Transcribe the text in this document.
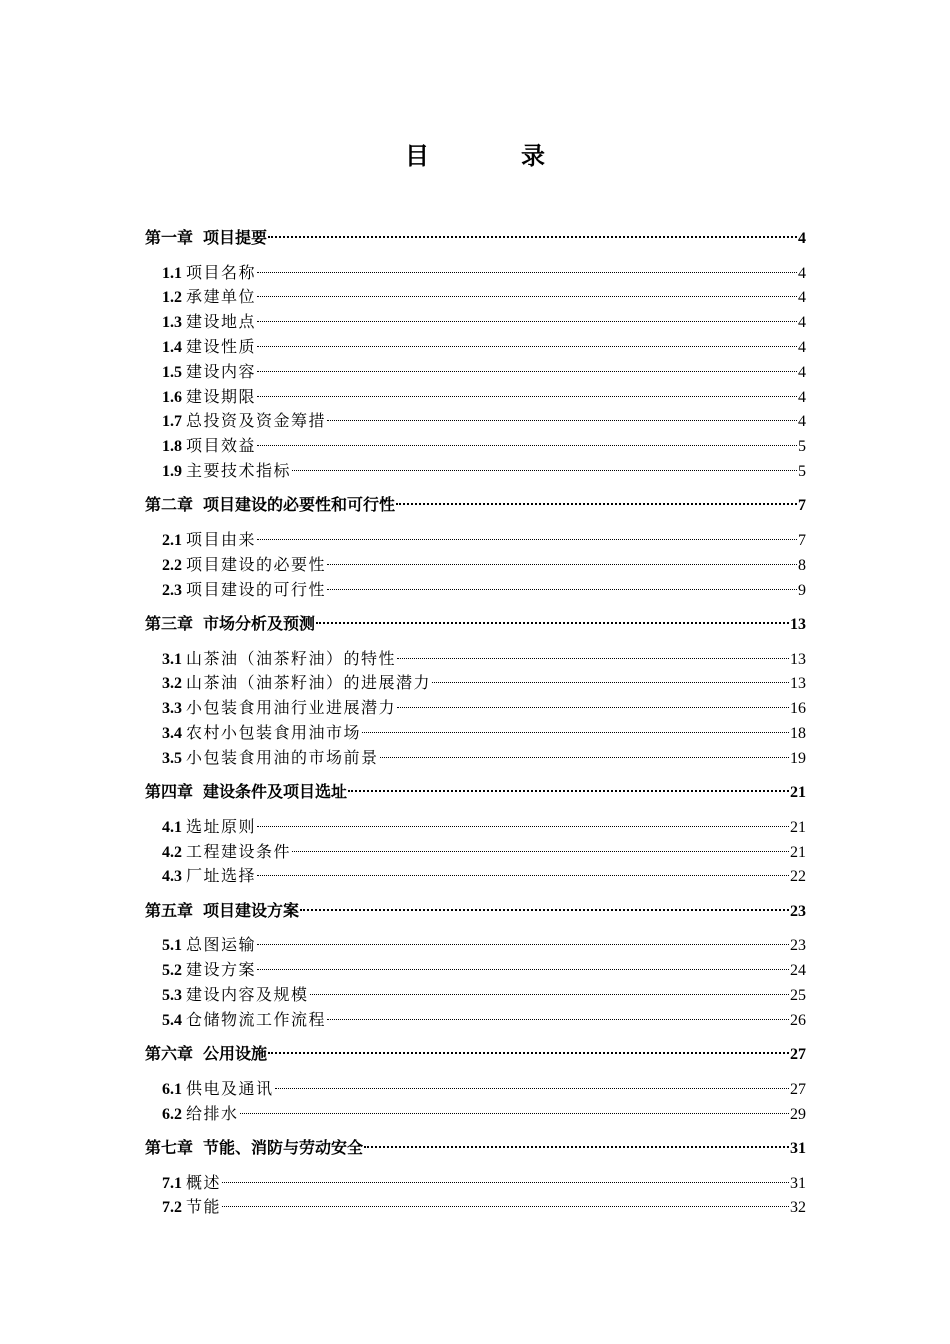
目　录
第一章 项目提要	4
1.1 项目名称	4
1.2 承建单位	4
1.3 建设地点	4
1.4 建设性质	4
1.5 建设内容	4
1.6 建设期限	4
1.7 总投资及资金筹措	4
1.8 项目效益	5
1.9 主要技术指标	5
第二章 项目建设的必要性和可行性	7
2.1 项目由来	7
2.2 项目建设的必要性	8
2.3 项目建设的可行性	9
第三章 市场分析及预测	13
3.1 山茶油（油茶籽油）的特性	13
3.2 山茶油（油茶籽油）的进展潜力	13
3.3 小包装食用油行业进展潜力	16
3.4 农村小包装食用油市场	18
3.5 小包装食用油的市场前景	19
第四章 建设条件及项目选址	21
4.1 选址原则	21
4.2 工程建设条件	21
4.3 厂址选择	22
第五章 项目建设方案	23
5.1 总图运输	23
5.2 建设方案	24
5.3 建设内容及规模	25
5.4 仓储物流工作流程	26
第六章 公用设施	27
6.1 供电及通讯	27
6.2 给排水	29
第七章 节能、消防与劳动安全	31
7.1 概述	31
7.2 节能	32
